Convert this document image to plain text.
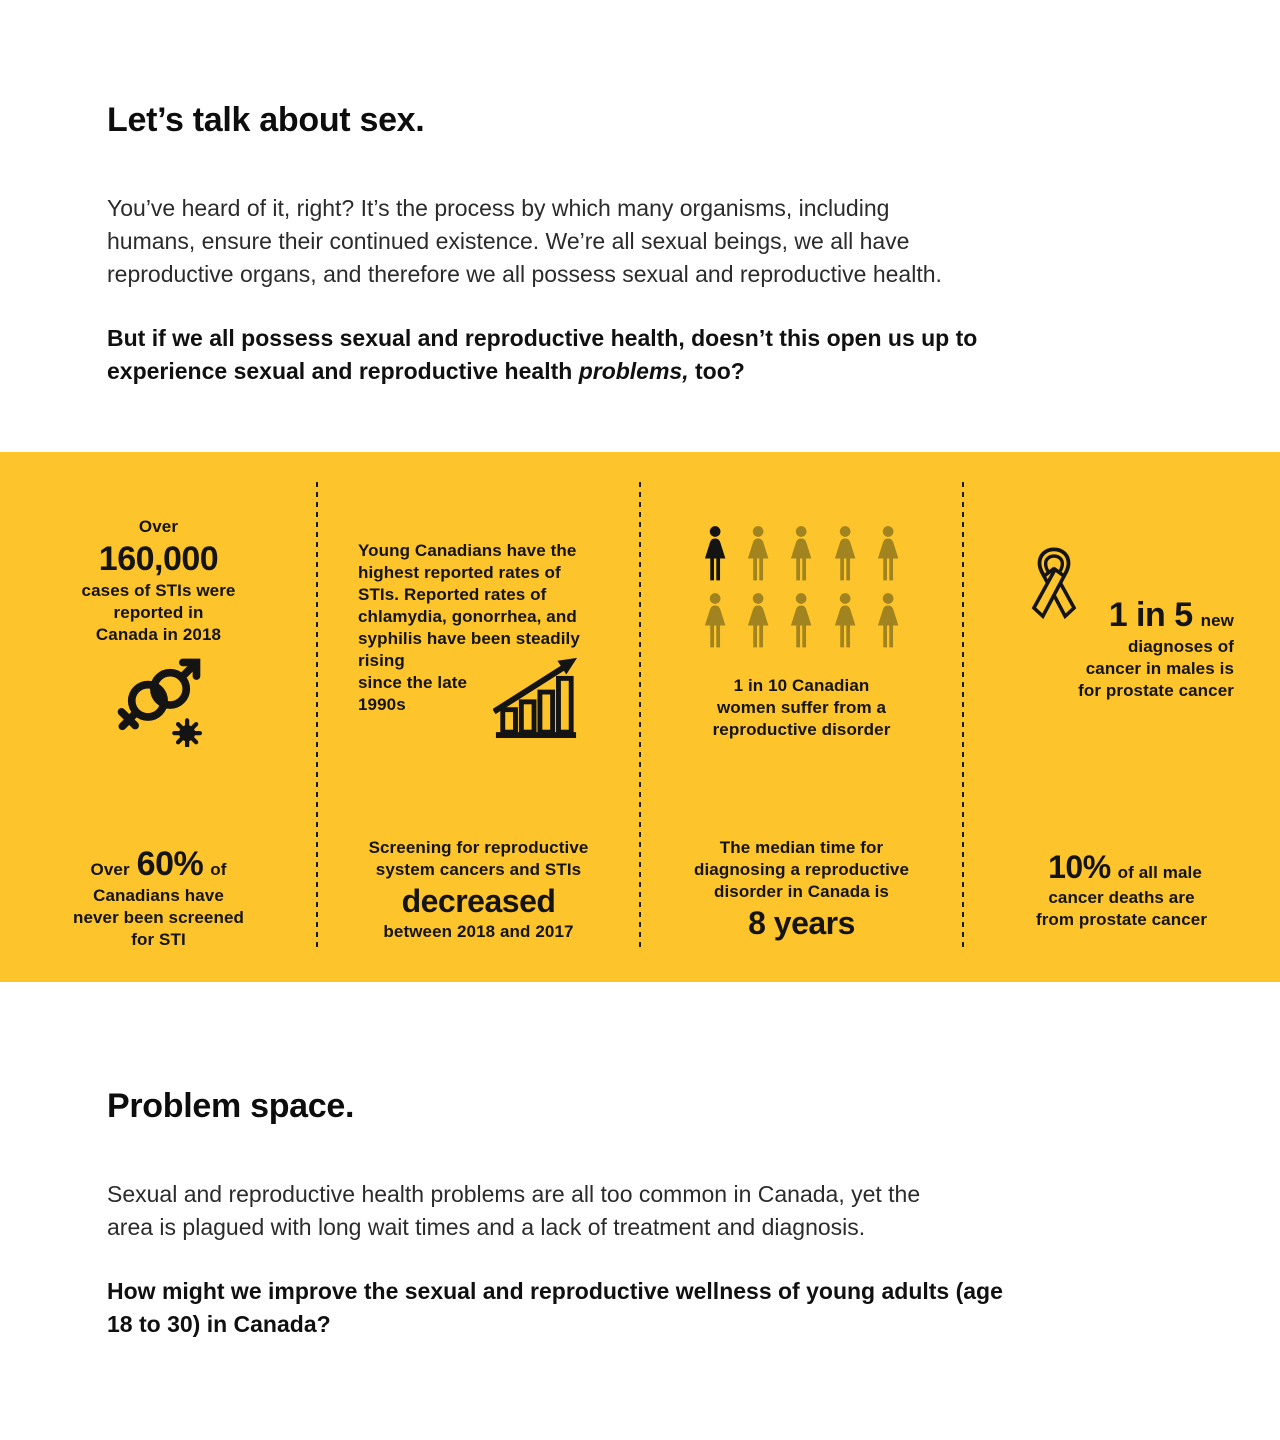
Let’s talk about sex.

You’ve heard of it, right? It’s the process by which many organisms, including
humans, ensure their continued existence. We’re all sexual beings, we all have
reproductive organs, and therefore we all possess sexual and reproductive health.

But if we all possess sexual and reproductive health, doesn’t this open us up to
experience sexual and reproductive health problems, too?

Over
160,000
cases of STIs were
reported in
Canada in 2018
Young Canadians have the
highest reported rates of
STIs. Reported rates of
chlamydia, gonorrhea, and
syphilis have been steadily
rising
since the late
1990s
1 in 10 Canadian
women suffer from a
reproductive disorder
1 in 5 new
diagnoses of
cancer in males is
for prostate cancer
Over 60% of
Canadians have
never been screened
for STI
Screening for reproductive
system cancers and STIs
decreased
between 2018 and 2017
The median time for
diagnosing a reproductive
disorder in Canada is
8 years
10% of all male
cancer deaths are
from prostate cancer
Problem space.

Sexual and reproductive health problems are all too common in Canada, yet the
area is plagued with long wait times and a lack of treatment and diagnosis.

How might we improve the sexual and reproductive wellness of young adults (age
18 to 30) in Canada?
